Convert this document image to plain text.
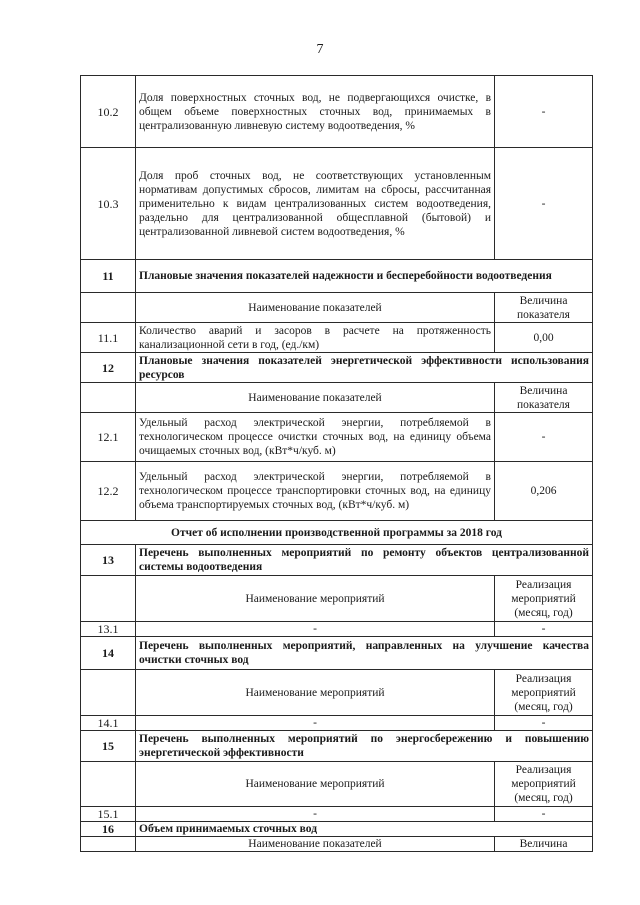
7
10.2	Доля поверхностных сточных вод, не подвергающихся очистке, в общем объеме поверхностных сточных вод, принимаемых в централизованную ливневую систему водоотведения, %	-
10.3	Доля проб сточных вод, не соответствующих установленным нормативам допустимых сбросов, лимитам на сбросы, рассчитанная применительно к видам централизованных систем водоотведения, раздельно для централизованной общесплавной (бытовой) и централизованной ливневой систем водоотведения, %	-
11	Плановые значения показателей надежности и бесперебойности водоотведения	
	Наименование показателей	Величина показателя
11.1	Количество аварий и засоров в расчете на протяженность канализационной сети в год, (ед./км)	0,00
12	Плановые значения показателей энергетической эффективности использования ресурсов	
	Наименование показателей	Величина показателя
12.1	Удельный расход электрической энергии, потребляемой в технологическом процессе очистки сточных вод, на единицу объема очищаемых сточных вод, (кВт*ч/куб. м)	-
12.2	Удельный расход электрической энергии, потребляемой в технологическом процессе транспортировки сточных вод, на единицу объема транспортируемых сточных вод, (кВт*ч/куб. м)	0,206
Отчет об исполнении производственной программы за 2018 год		
13	Перечень выполненных мероприятий по ремонту объектов централизованной системы водоотведения	
	Наименование мероприятий	Реализация мероприятий (месяц, год)
13.1	-	-
14	Перечень выполненных мероприятий, направленных на улучшение качества очистки сточных вод	
	Наименование мероприятий	Реализация мероприятий (месяц, год)
14.1	-	-
15	Перечень выполненных мероприятий по энергосбережению и повышению энергетической эффективности	
	Наименование мероприятий	Реализация мероприятий (месяц, год)
15.1	-	-
16	Объем принимаемых сточных вод	
	Наименование показателей	Величина
